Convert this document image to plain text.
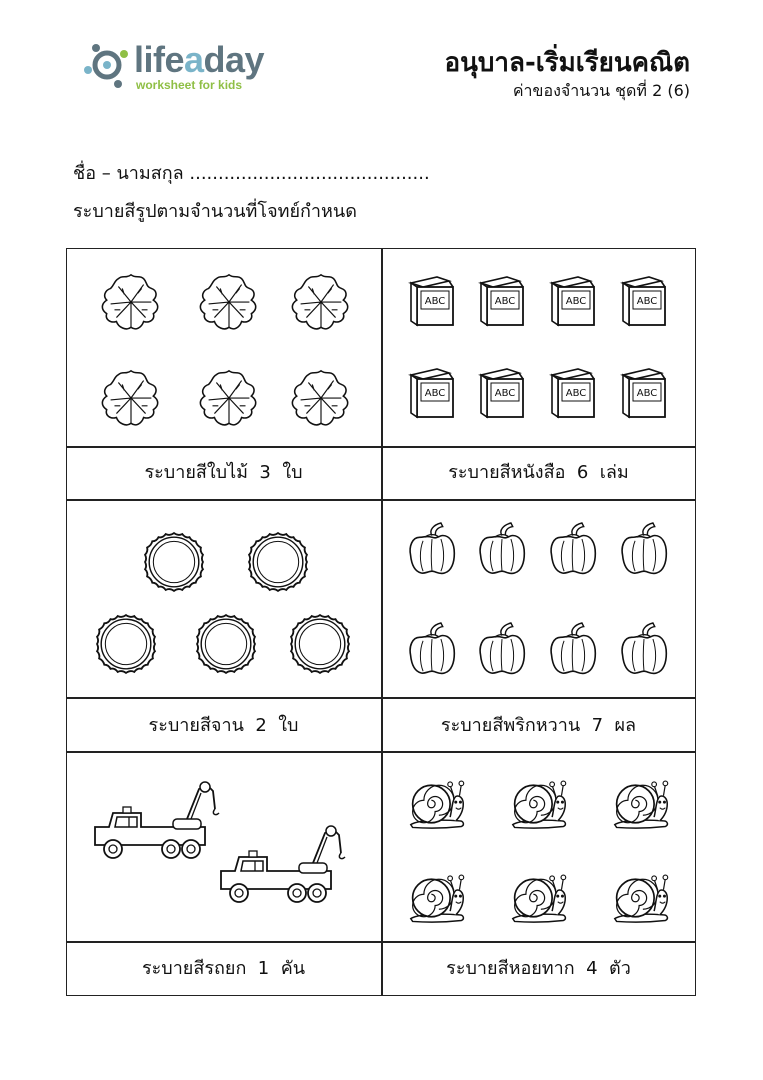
lifeaday
worksheet for kids
อนุบาล-เริ่มเรียนคณิต
ค่าของจำนวน ชุดที่ 2 (6)
ชื่อ – นามสกุล ..........................................
ระบายสีรูปตามจำนวนที่โจทย์กำหนด
ABC	ABC	ABC	ABC
ABC	ABC	ABC	ABC
ระบายสีใบไม้  3  ใบ	ระบายสีหนังสือ  6  เล่ม
ระบายสีจาน  2  ใบ	ระบายสีพริกหวาน  7  ผล
ระบายสีรถยก  1  คัน	ระบายสีหอยทาก  4  ตัว
